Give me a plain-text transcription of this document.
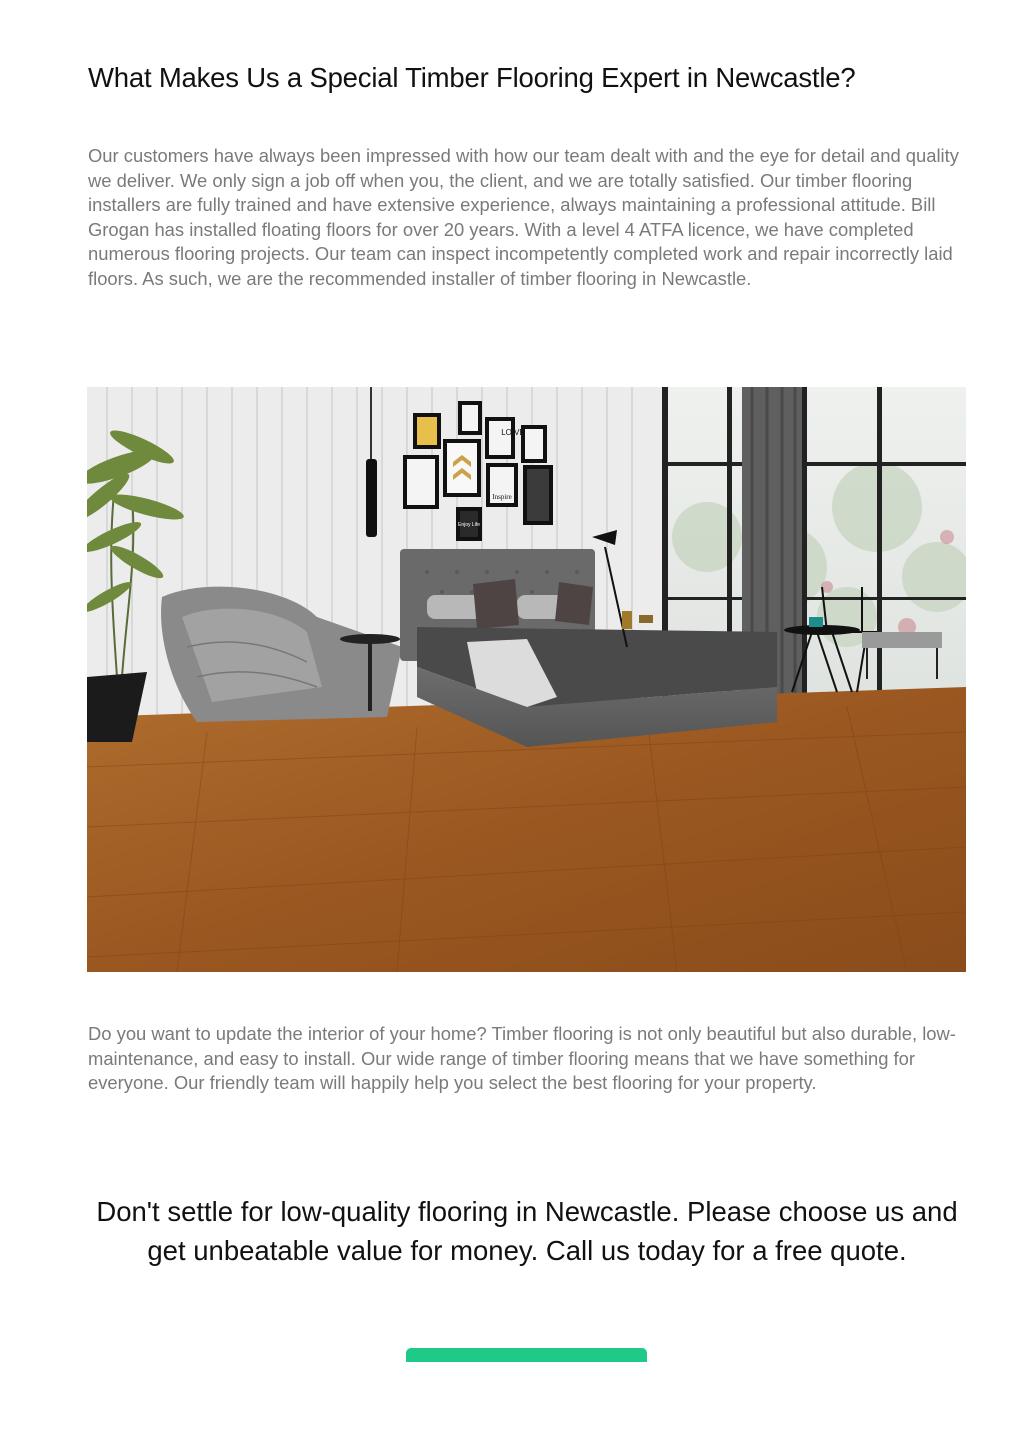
What Makes Us a Special Timber Flooring Expert in Newcastle?

Our customers have always been impressed with how our team dealt with and the eye for detail and quality we deliver. We only sign a job off when you, the client, and we are totally satisfied. Our timber flooring installers are fully trained and have extensive experience, always maintaining a professional attitude. Bill Grogan has installed floating floors for over 20 years. With a level 4 ATFA licence, we have completed numerous flooring projects. Our team can inspect incompetently completed work and repair incorrectly laid floors. As such, we are the recommended installer of timber flooring in Newcastle.

LO VE
Inspire
Enjoy Life

Do you want to update the interior of your home? Timber flooring is not only beautiful but also durable, low-maintenance, and easy to install. Our wide range of timber flooring means that we have something for everyone. Our friendly team will happily help you select the best flooring for your property.

Don't settle for low-quality flooring in Newcastle. Please choose us and get unbeatable value for money. Call us today for a free quote.
